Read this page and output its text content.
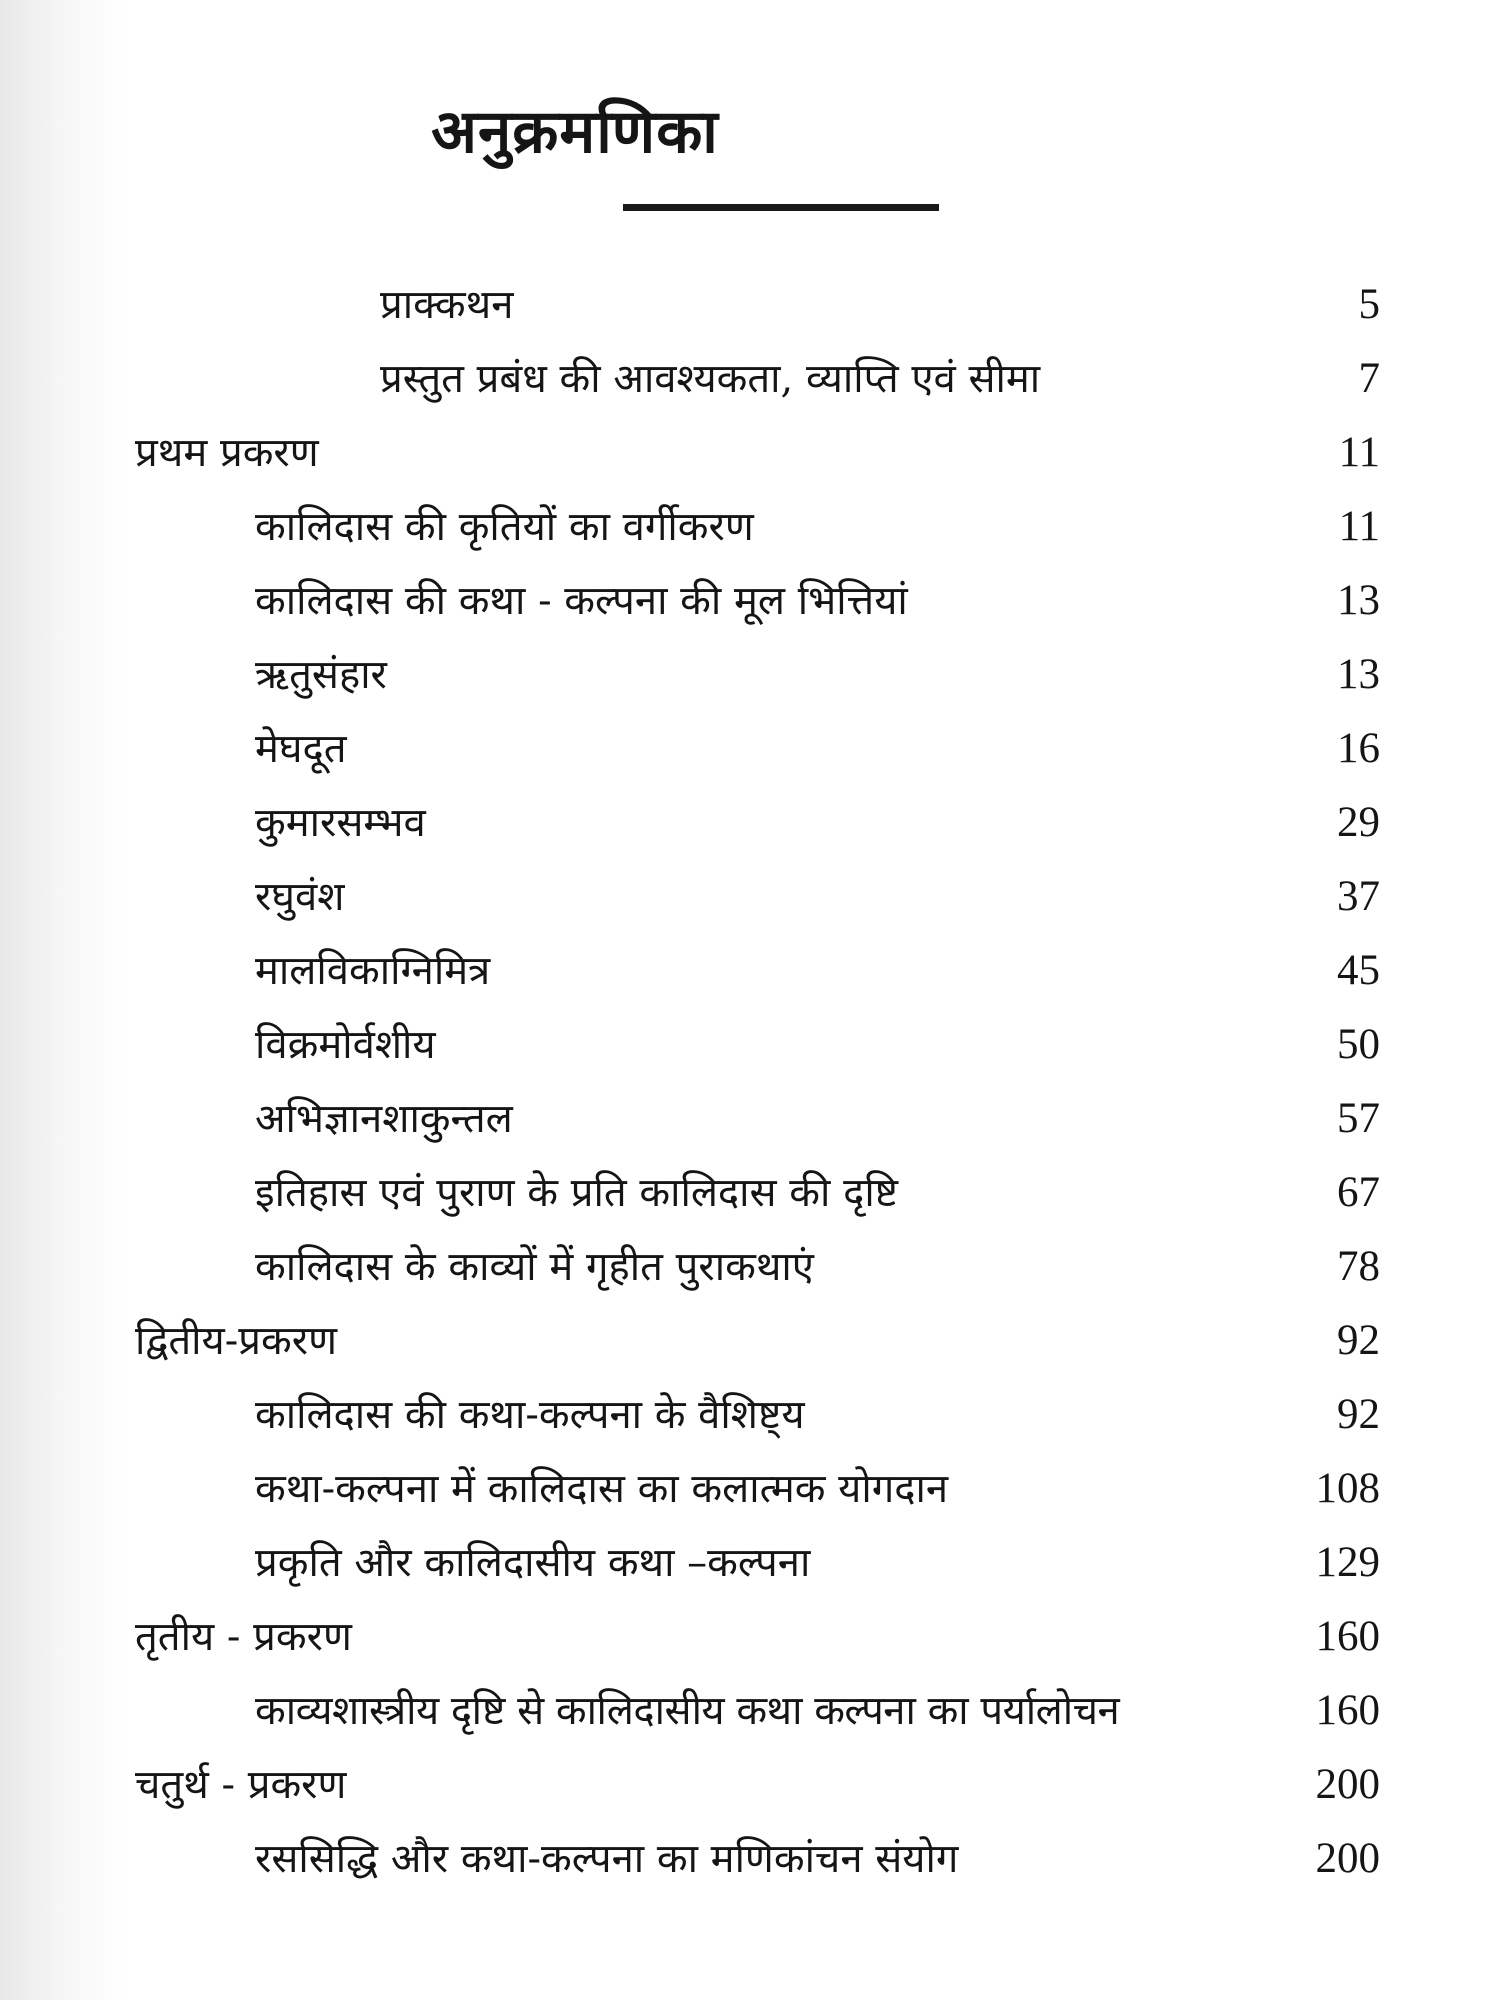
अनुक्रमणिका
प्राक्कथन	5
प्रस्तुत प्रबंध की आवश्यकता, व्याप्ति एवं सीमा	7
प्रथम प्रकरण	11
कालिदास की कृतियों का वर्गीकरण	11
कालिदास की कथा - कल्पना की मूल भित्तियां	13
ऋतुसंहार	13
मेघदूत	16
कुमारसम्भव	29
रघुवंश	37
मालविकाग्निमित्र	45
विक्रमोर्वशीय	50
अभिज्ञानशाकुन्तल	57
इतिहास एवं पुराण के प्रति कालिदास की दृष्टि	67
कालिदास के काव्यों में गृहीत पुराकथाएं	78
द्वितीय-प्रकरण	92
कालिदास की कथा-कल्पना के वैशिष्ट्य	92
कथा-कल्पना में कालिदास का कलात्मक योगदान	108
प्रकृति और कालिदासीय कथा –कल्पना	129
तृतीय - प्रकरण	160
काव्यशास्त्रीय दृष्टि से कालिदासीय कथा कल्पना का पर्यालोचन	160
चतुर्थ - प्रकरण	200
रससिद्धि और कथा-कल्पना का मणिकांचन संयोग	200
